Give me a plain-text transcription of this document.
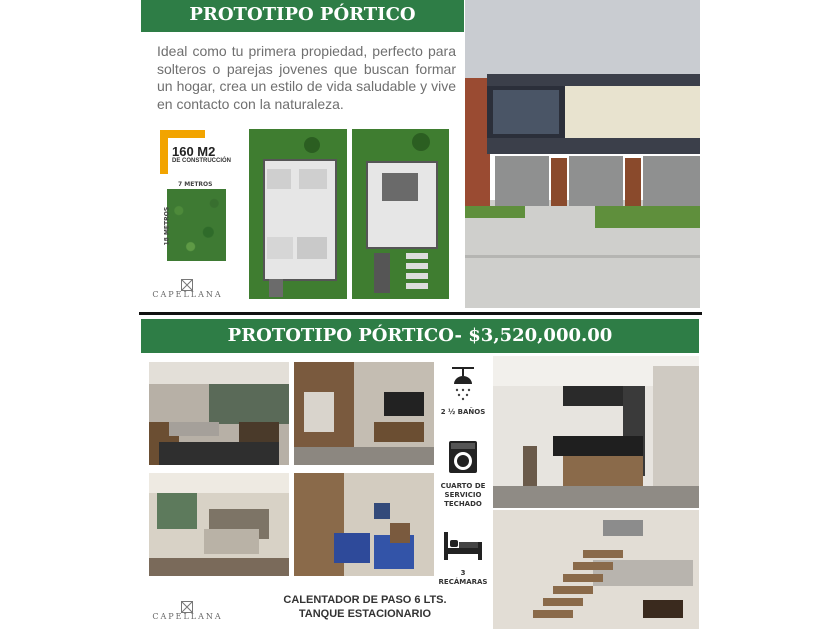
PROTOTIPO PÓRTICO
Ideal como tu primera propiedad, perfecto para solteros o parejas jovenes que buscan formar un hogar, crea un estilo de vida saludable y vive en contacto con la naturaleza.
160 M2
DE CONSTRUCCIÓN
7 METROS
18 METROS
CAPELLANA
PROTOTIPO PÓRTICO- $3,520,000.00
2 ½ BAÑOS
CUARTO DE SERVICIO TECHADO
3 RECÁMARAS
CALENTADOR DE PASO 6 LTS.
TANQUE ESTACIONARIO
CAPELLANA
